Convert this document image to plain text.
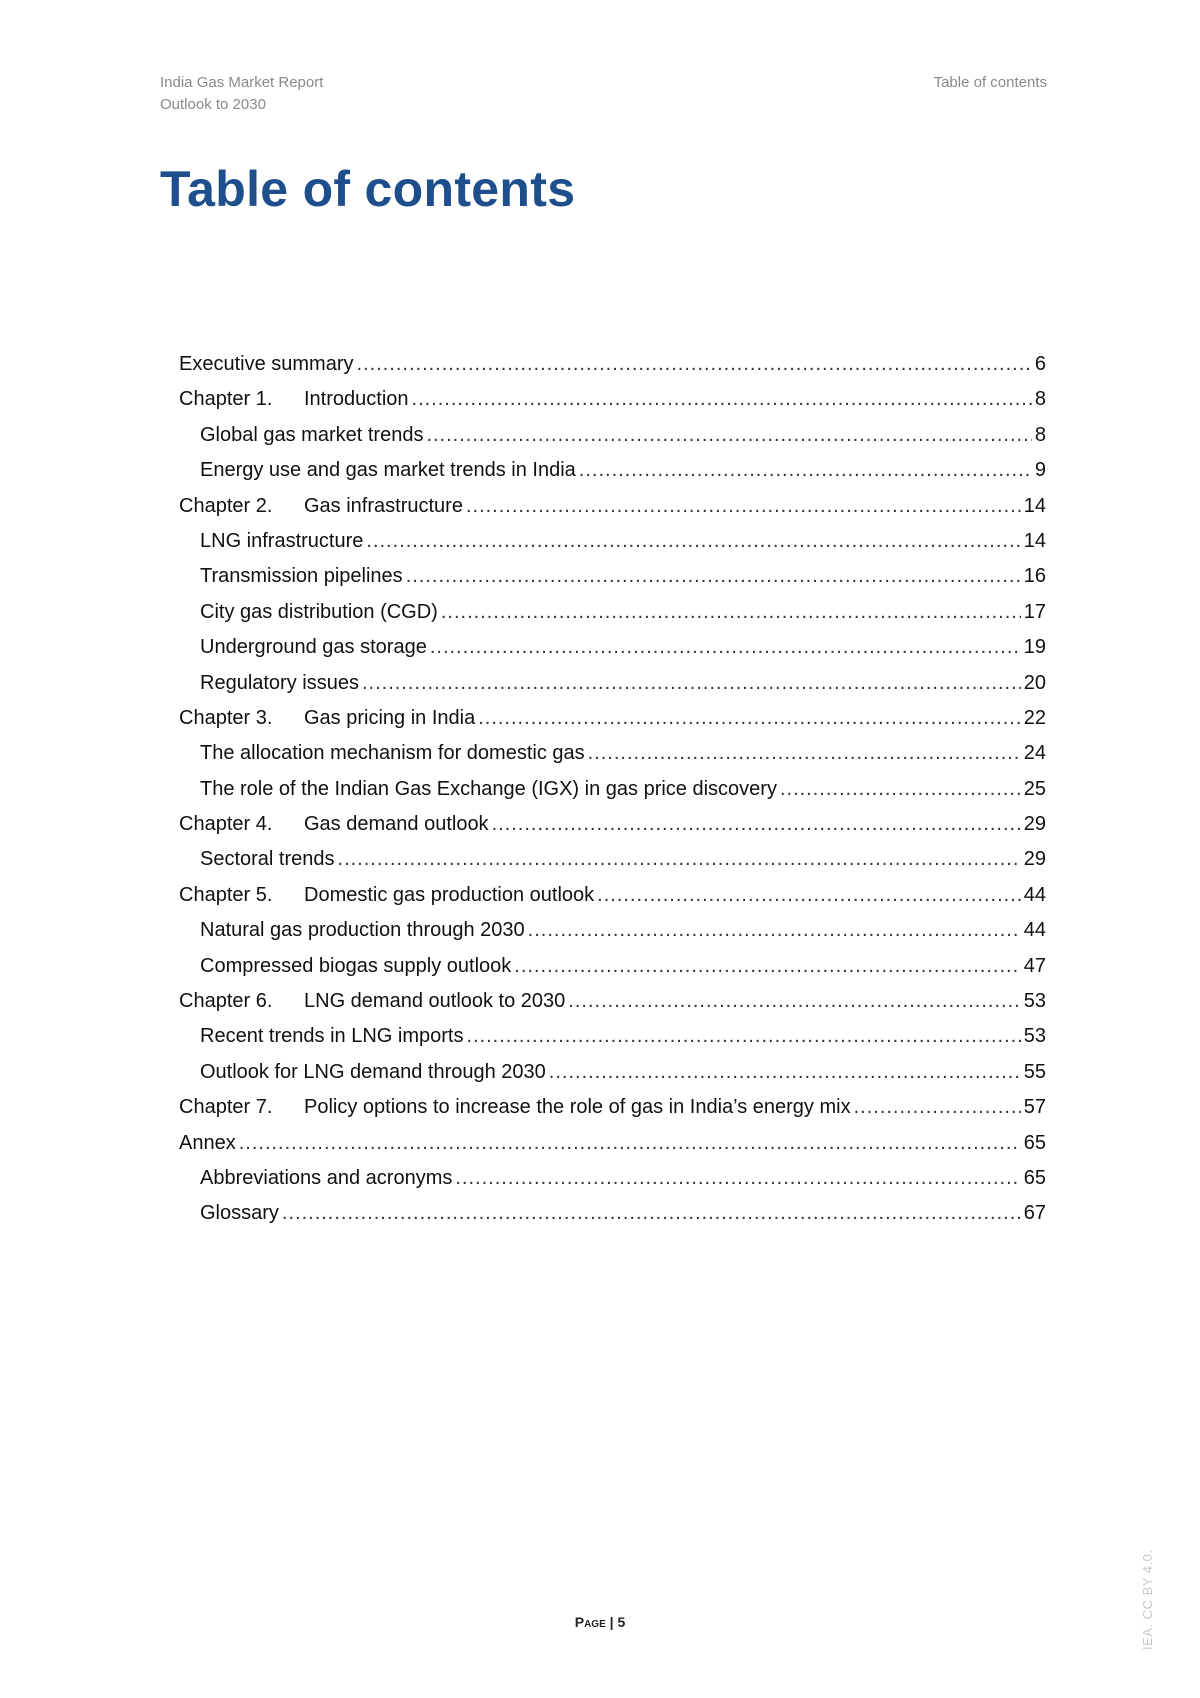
India Gas Market Report
Outlook to 2030
Table of contents
Table of contents
Executive summary .....	6
Chapter 1.	Introduction .....	8
Global gas market trends .....	8
Energy use and gas market trends in India .....	9
Chapter 2.	Gas infrastructure .....	14
LNG infrastructure .....	14
Transmission pipelines .....	16
City gas distribution (CGD) .....	17
Underground gas storage .....	19
Regulatory issues .....	20
Chapter 3.	Gas pricing in India .....	22
The allocation mechanism for domestic gas .....	24
The role of the Indian Gas Exchange (IGX) in gas price discovery .....	25
Chapter 4.	Gas demand outlook .....	29
Sectoral trends .....	29
Chapter 5.	Domestic gas production outlook .....	44
Natural gas production through 2030 .....	44
Compressed biogas supply outlook .....	47
Chapter 6.	LNG demand outlook to 2030 .....	53
Recent trends in LNG imports .....	53
Outlook for LNG demand through 2030 .....	55
Chapter 7.	Policy options to increase the role of gas in India’s energy mix .....	57
Annex .....	65
Abbreviations and acronyms .....	65
Glossary .....	67
Page | 5	IEA. CC BY 4.0.
